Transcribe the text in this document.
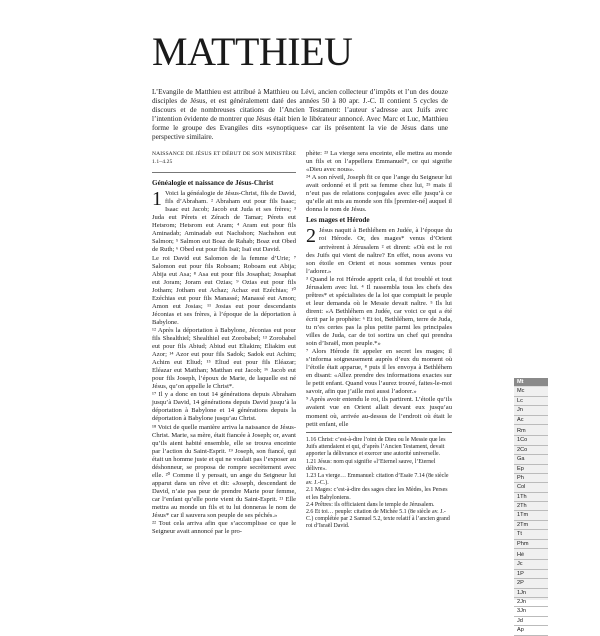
MATTHIEU
L’Evangile de Matthieu est attribué à Matthieu ou Lévi, ancien collecteur d’impôts et l’un des douze disciples de Jésus, et est généralement daté des années 50 à 80 apr. J.-C. Il contient 5 cycles de discours et de nombreuses citations de l’Ancien Testament: l’auteur s’adresse aux Juifs avec l’intention évidente de montrer que Jésus était bien le libérateur annoncé. Avec Marc et Luc, Matthieu forme le groupe des Evangiles dits «synoptiques» car ils présentent la vie de Jésus dans une perspective similaire.

NAISSANCE DE JÉSUS ET DÉBUT DE SON MINISTÈRE 1.1–4.25

Généalogie et naissance de Jésus-Christ

1 Voici la généalogie de Jésus-Christ, fils de David, fils d’Abraham. ² Abraham eut pour fils Isaac; Isaac eut Jacob; Jacob eut Juda et ses frères; ³ Juda eut Pérets et Zérach de Tamar; Pérets eut Hetsrom; Hetsrom eut Aram; ⁴ Aram eut pour fils Aminadab; Aminadab eut Nachshon; Nachshon eut Salmon; ⁵ Salmon eut Boaz de Rahab; Boaz eut Obed de Ruth; ⁶ Obed eut pour fils Isaï; Isaï eut David.

Le roi David eut Salomon de la femme d’Urie; ⁷ Salomon eut pour fils Roboam; Roboam eut Abija; Abija eut Asa; ⁸ Asa eut pour fils Josaphat; Josaphat eut Joram; Joram eut Ozias; ⁹ Ozias eut pour fils Jotham; Jotham eut Achaz; Achaz eut Ezéchias; ¹⁰ Ezéchias eut pour fils Manassé; Manassé eut Amon; Amon eut Josias; ¹¹ Josias eut pour descendants Jéconias et ses frères, à l’époque de la déportation à Babylone.

¹² Après la déportation à Babylone, Jéconias eut pour fils Shealthiel; Shealthiel eut Zorobabel; ¹³ Zorobabel eut pour fils Abiud; Abiud eut Eliakim; Eliakim eut Azor; ¹⁴ Azor eut pour fils Sadok; Sadok eut Achim; Achim eut Eliud; ¹⁵ Eliud eut pour fils Eléazar; Eléazar eut Matthan; Matthan eut Jacob; ¹⁶ Jacob eut pour fils Joseph, l’époux de Marie, de laquelle est né Jésus, qu’on appelle le Christ*.

¹⁷ Il y a donc en tout 14 générations depuis Abraham jusqu’à David, 14 générations depuis David jusqu’à la déportation à Babylone et 14 générations depuis la déportation à Babylone jusqu’au Christ.

¹⁸ Voici de quelle manière arriva la naissance de Jésus-Christ. Marie, sa mère, était fiancée à Joseph; or, avant qu’ils aient habité ensemble, elle se trouva enceinte par l’action du Saint-Esprit. ¹⁹ Joseph, son fiancé, qui était un homme juste et qui ne voulait pas l’exposer au déshonneur, se proposa de rompre secrètement avec elle. ²⁰ Comme il y pensait, un ange du Seigneur lui apparut dans un rêve et dit: «Joseph, descendant de David, n’aie pas peur de prendre Marie pour femme, car l’enfant qu’elle porte vient du Saint-Esprit. ²¹ Elle mettra au monde un fils et tu lui donneras le nom de Jésus* car il sauvera son peuple de ses péchés.»

²² Tout cela arriva afin que s’accomplisse ce que le Seigneur avait annoncé par le pro-

phète: ²³ La vierge sera enceinte, elle mettra au monde un fils et on l’appellera Emmanuel*, ce qui signifie «Dieu avec nous».

²⁴ A son réveil, Joseph fit ce que l’ange du Seigneur lui avait ordonné et il prit sa femme chez lui, ²⁵ mais il n’eut pas de relations conjugales avec elle jusqu’à ce qu’elle ait mis au monde son fils [premier-né] auquel il donna le nom de Jésus.

Les mages et Hérode

2 Jésus naquit à Bethléhem en Judée, à l’époque du roi Hérode. Or, des mages* venus d’Orient arrivèrent à Jérusalem ² et dirent: «Où est le roi des Juifs qui vient de naître? En effet, nous avons vu son étoile en Orient et nous sommes venus pour l’adorer.»

³ Quand le roi Hérode apprit cela, il fut troublé et tout Jérusalem avec lui. ⁴ Il rassembla tous les chefs des prêtres* et spécialistes de la loi que comptait le peuple et leur demanda où le Messie devait naître. ⁵ Ils lui dirent: «A Bethléhem en Judée, car voici ce qui a été écrit par le prophète: ⁶ Et toi, Bethléhem, terre de Juda, tu n’es certes pas la plus petite parmi les principales villes de Juda, car de toi sortira un chef qui prendra soin d’Israël, mon peuple.*»

⁷ Alors Hérode fit appeler en secret les mages; il s’informa soigneusement auprès d’eux du moment où l’étoile était apparue, ⁸ puis il les envoya à Bethléhem en disant: «Allez prendre des informations exactes sur le petit enfant. Quand vous l’aurez trouvé, faites-le-moi savoir, afin que j’aille moi aussi l’adorer.»

⁹ Après avoir entendu le roi, ils partirent. L’étoile qu’ils avaient vue en Orient allait devant eux jusqu’au moment où, arrivée au-dessus de l’endroit où était le petit enfant, elle

1.16 Christ: c’est-à-dire l’oint de Dieu ou le Messie que les Juifs attendaient et qui, d’après l’Ancien Testament, devait apporter la délivrance et exercer une autorité universelle.

1.21 Jésus: nom qui signifie «l’Eternel sauve, l’Eternel délivre».

1.23 La vierge… Emmanuel: citation d’Esaïe 7.14 (8e siècle av. J.-C.).

2.1 Mages: c’est-à-dire des sages chez les Mèdes, les Perses et les Babyloniens.

2.4 Prêtres: ils officiaient dans le temple de Jérusalem.

2.6 Et toi… peuple: citation de Michée 5.1 (8e siècle av. J.-C.) complétée par 2 Samuel 5.2, texte relatif à l’ancien grand roi d’Israël David.

Mt
Mc
Lc
Jn
Ac
Rm
1Co
2Co
Ga
Ep
Ph
Col
1Th
2Th
1Tm
2Tm
Tt
Phm
Hé
Jc
1P
2P
1Jn
2Jn
3Jn
Jd
Ap
